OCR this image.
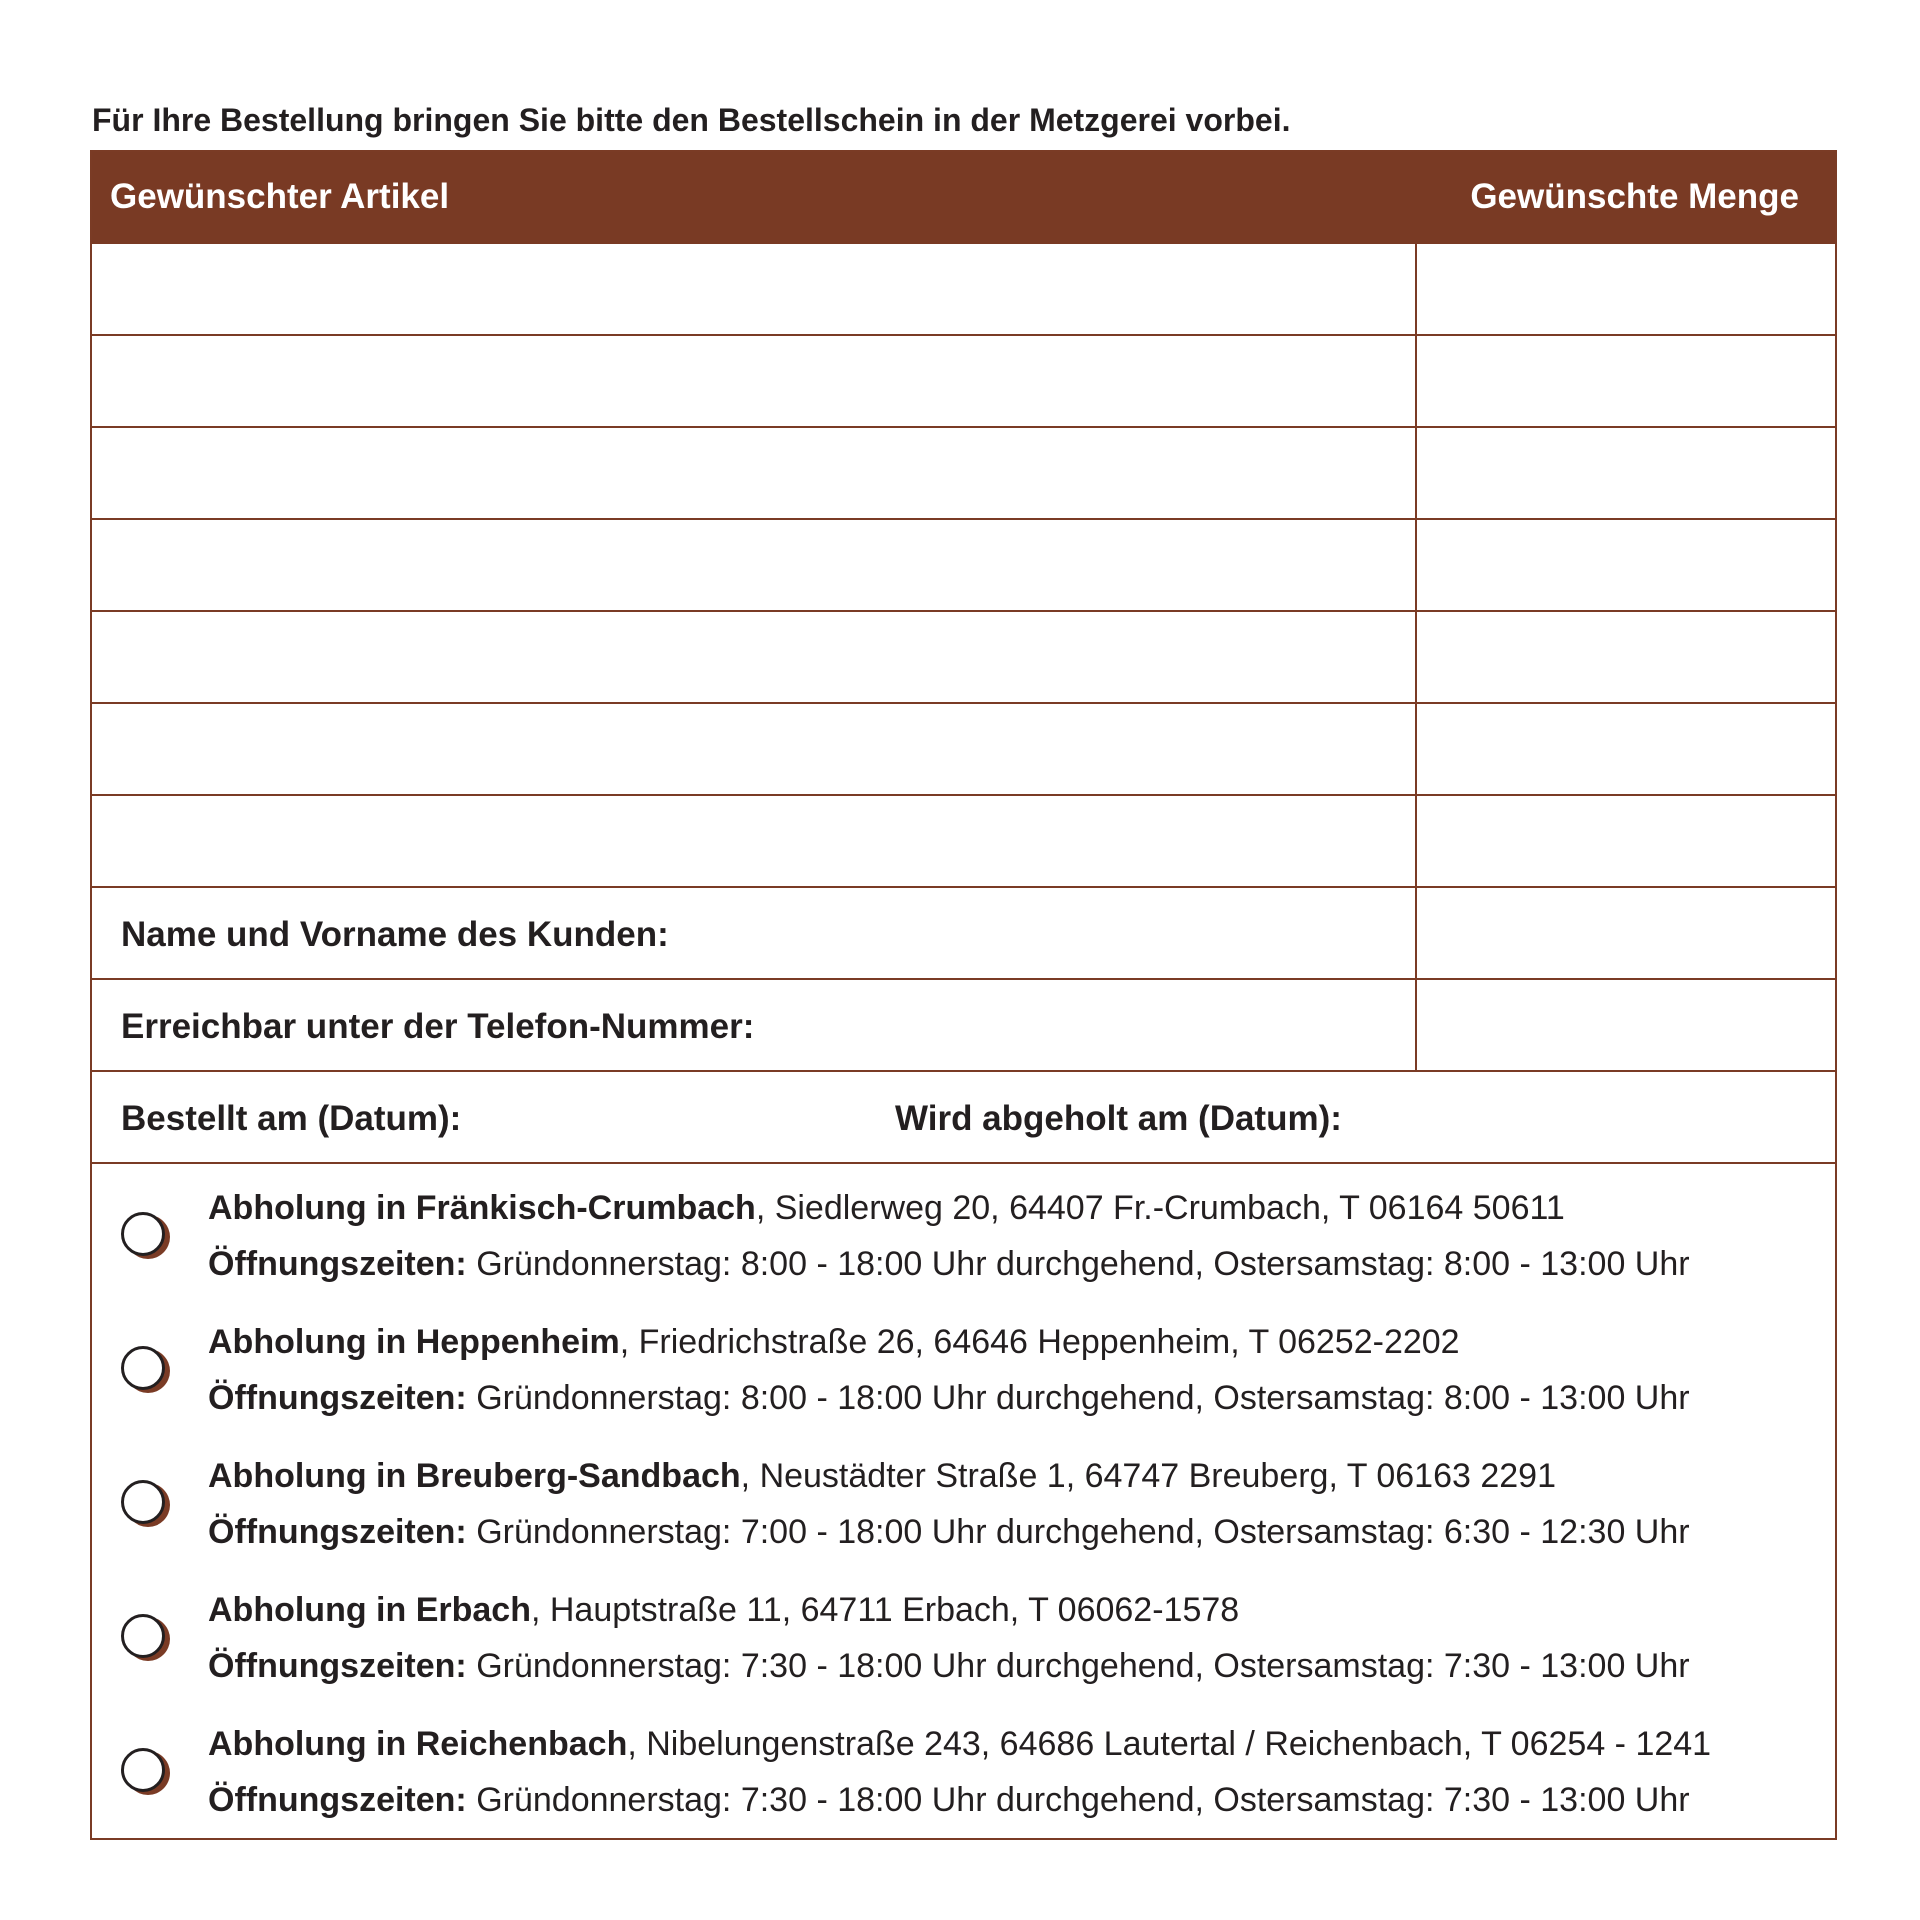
Für Ihre Bestellung bringen Sie bitte den Bestellschein in der Metzgerei vorbei.
Gewünschter Artikel	Gewünschte Menge
Name und Vorname des Kunden:
Erreichbar unter der Telefon-Nummer:
Bestellt am (Datum):	Wird abgeholt am (Datum):
Abholung in Fränkisch-Crumbach, Siedlerweg 20, 64407 Fr.-Crumbach, T 06164 50611
Öffnungszeiten: Gründonnerstag: 8:00 - 18:00 Uhr durchgehend, Ostersamstag: 8:00 - 13:00 Uhr
Abholung in Heppenheim, Friedrichstraße 26, 64646 Heppenheim, T 06252-2202
Öffnungszeiten: Gründonnerstag: 8:00 - 18:00 Uhr durchgehend, Ostersamstag: 8:00 - 13:00 Uhr
Abholung in Breuberg-Sandbach, Neustädter Straße 1, 64747 Breuberg, T 06163 2291
Öffnungszeiten: Gründonnerstag: 7:00 - 18:00 Uhr durchgehend, Ostersamstag: 6:30 - 12:30 Uhr
Abholung in Erbach, Hauptstraße 11, 64711 Erbach, T 06062-1578
Öffnungszeiten: Gründonnerstag: 7:30 - 18:00 Uhr durchgehend, Ostersamstag: 7:30 - 13:00 Uhr
Abholung in Reichenbach, Nibelungenstraße 243, 64686 Lautertal / Reichenbach, T 06254 - 1241
Öffnungszeiten: Gründonnerstag: 7:30 - 18:00 Uhr durchgehend, Ostersamstag: 7:30 - 13:00 Uhr
